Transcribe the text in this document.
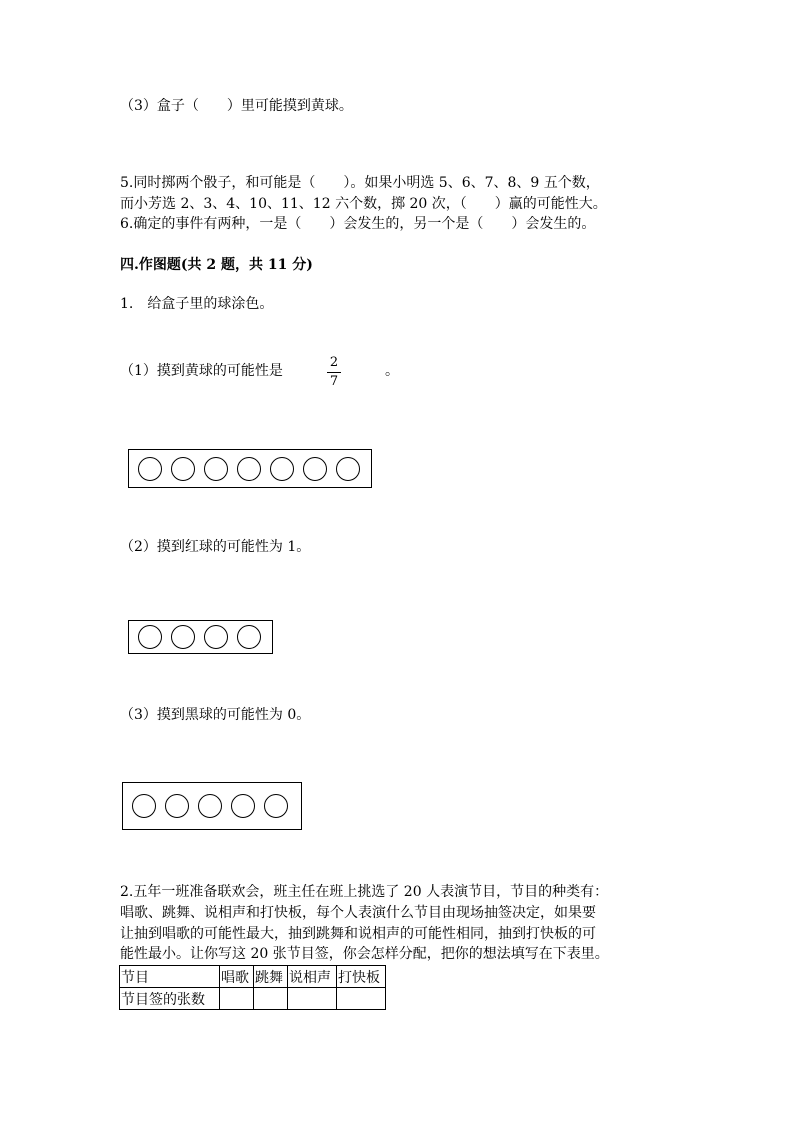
（3）盒子（　　）里可能摸到黄球。
5.同时掷两个骰子，和可能是（　　）。如果小明选 5、6、7、8、9 五个数，
而小芳选 2、3、4、10、11、12 六个数，掷 20 次，（　　）赢的可能性大。
6.确定的事件有两种，一是（　　）会发生的，另一个是（　　）会发生的。
四.作图题(共 2 题，共 11 分)
1.　给盒子里的球涂色。
（1）摸到黄球的可能性是
2
7
。
（2）摸到红球的可能性为 1。
（3）摸到黑球的可能性为 0。
2.五年一班准备联欢会，班主任在班上挑选了 20 人表演节目，节目的种类有：
唱歌、跳舞、说相声和打快板，每个人表演什么节目由现场抽签决定，如果要
让抽到唱歌的可能性最大，抽到跳舞和说相声的可能性相同，抽到打快板的可
能性最小。让你写这 20 张节目签，你会怎样分配，把你的想法填写在下表里。
节目	唱歌	跳舞	说相声	打快板
节目签的张数				
